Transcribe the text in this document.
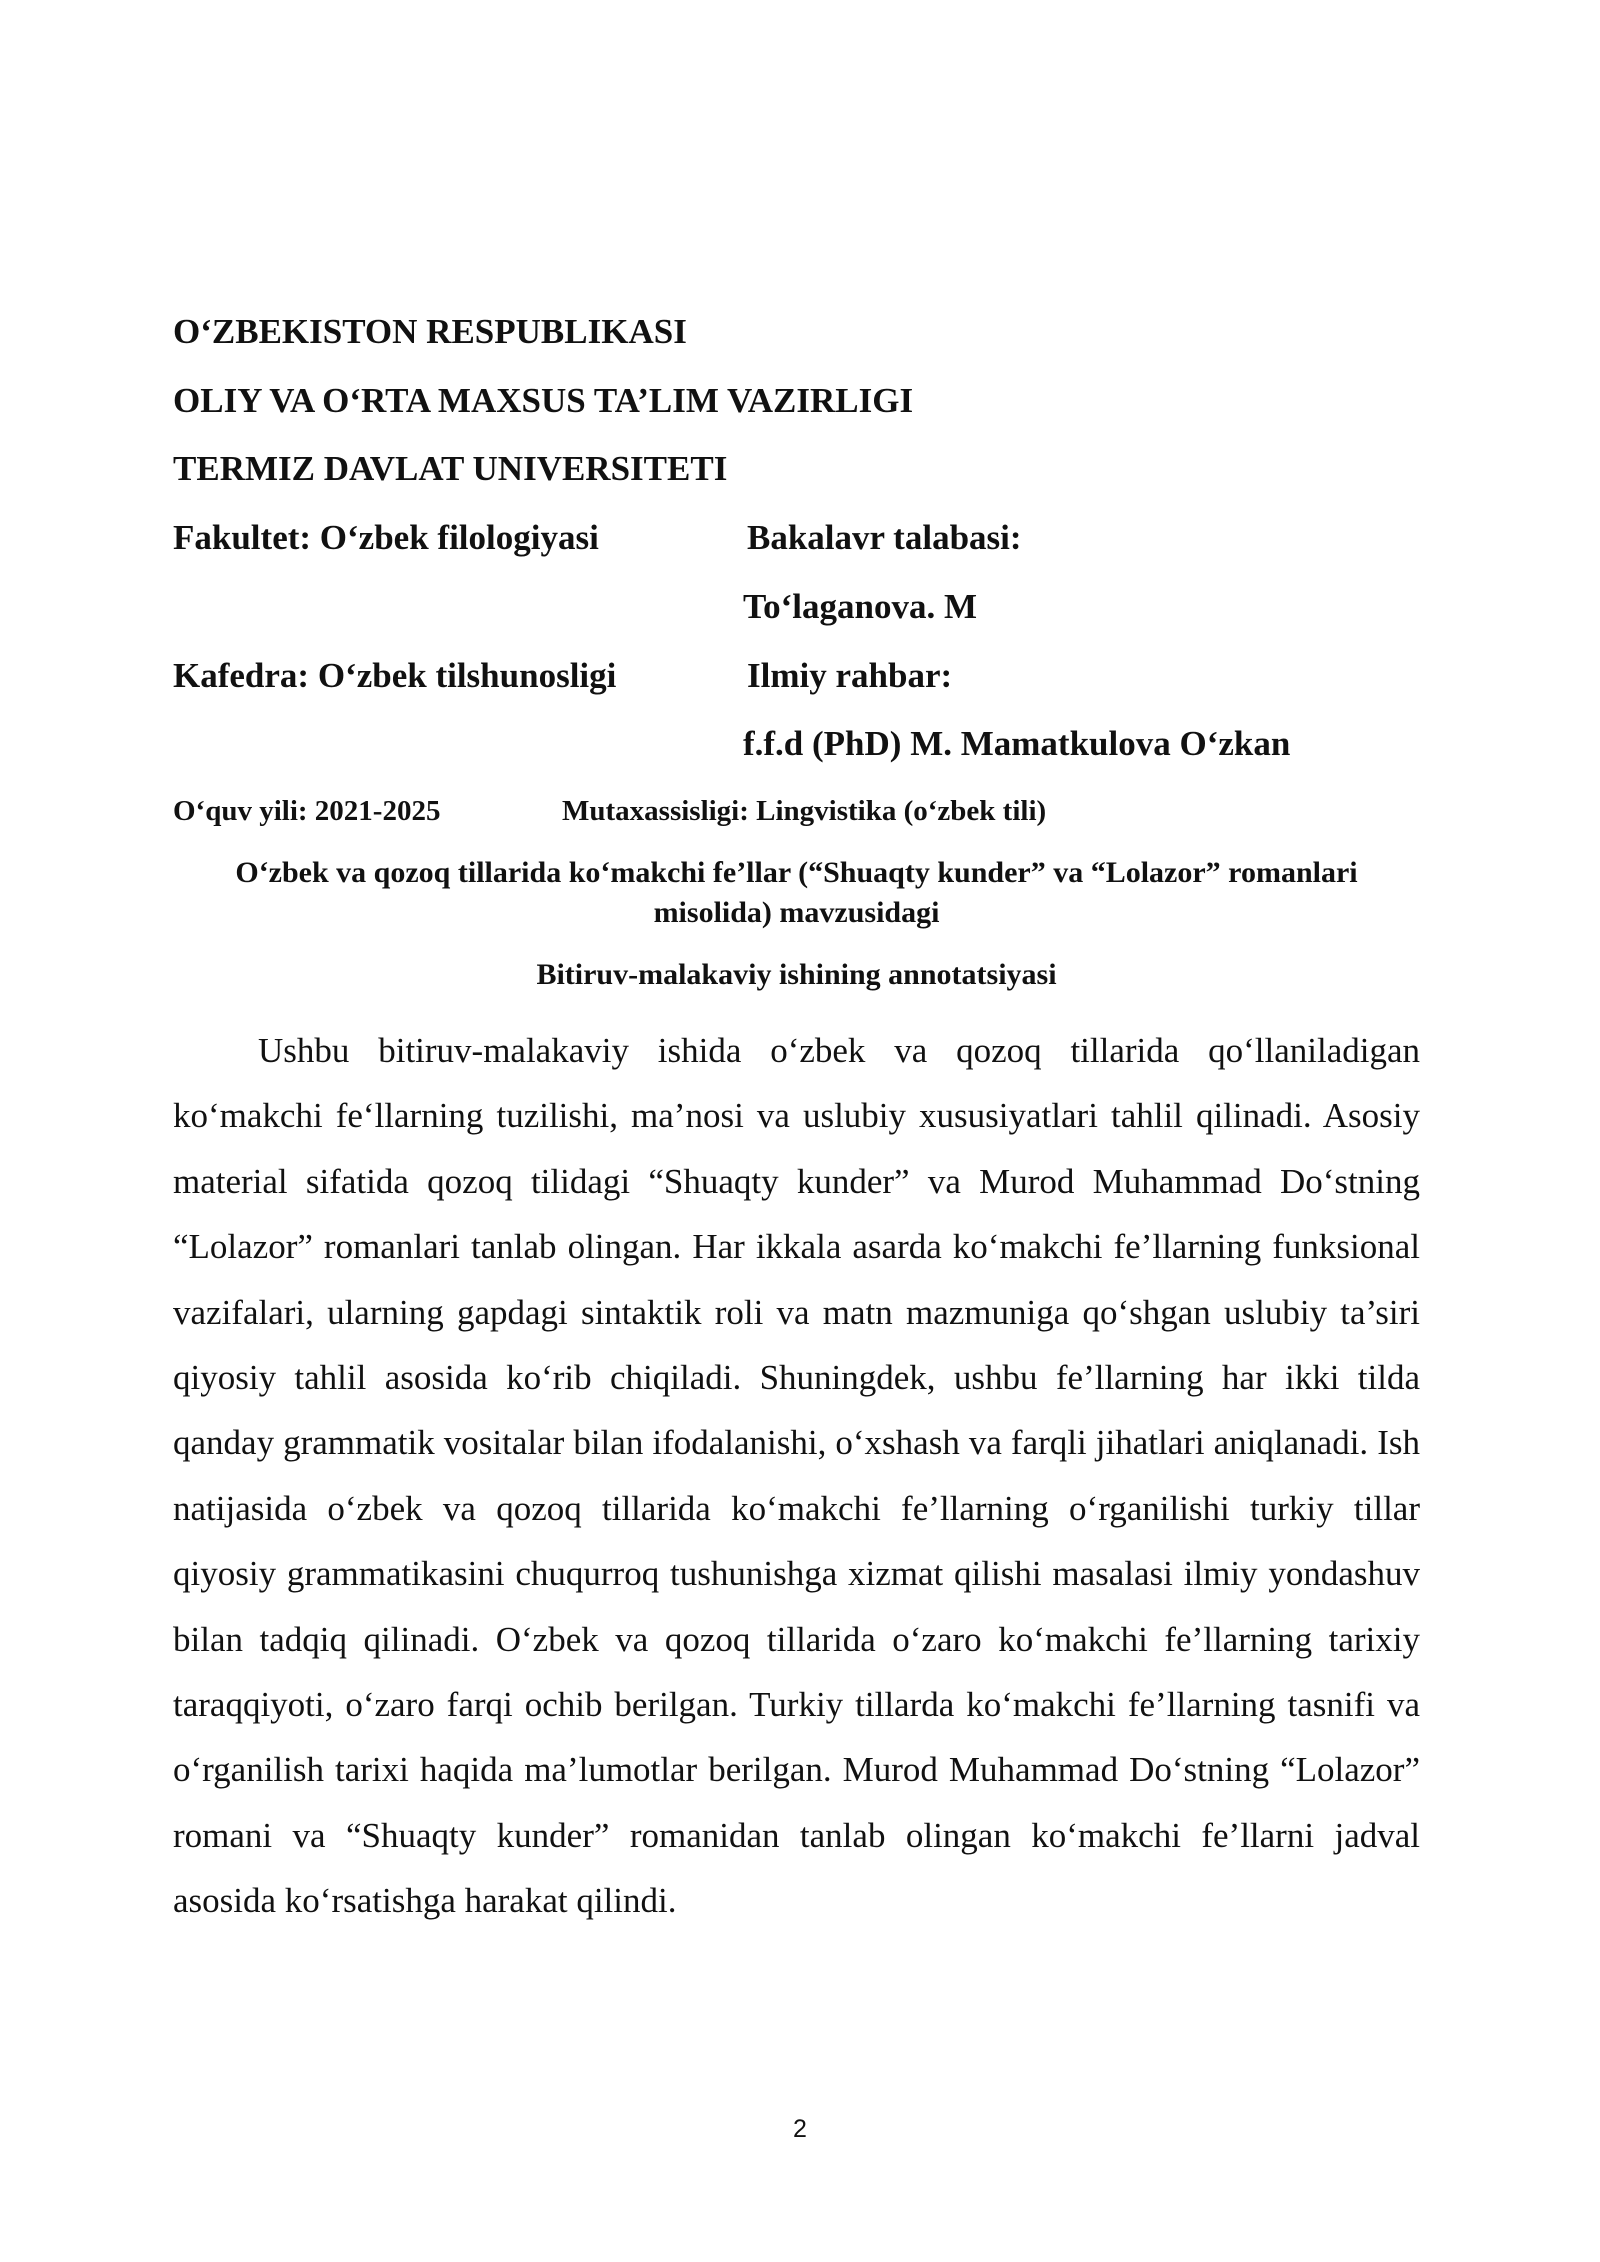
O‘ZBEKISTON RESPUBLIKASI
OLIY VA O‘RTA MAXSUS TA’LIM VAZIRLIGI
TERMIZ DAVLAT UNIVERSITETI
Fakultet: O‘zbek filologiyasi	Bakalavr talabasi:
To‘laganova. M
Kafedra: O‘zbek tilshunosligi	Ilmiy rahbar:
f.f.d (PhD) M. Mamatkulova O‘zkan
O‘quv yili: 2021-2025	Mutaxassisligi: Lingvistika (o‘zbek tili)
O‘zbek va qozoq tillarida ko‘makchi fe’llar (“Shuaqty kunder” va “Lolazor” romanlari misolida) mavzusidagi
Bitiruv-malakaviy ishining annotatsiyasi
Ushbu bitiruv-malakaviy ishida o‘zbek va qozoq tillarida qo‘llaniladigan ko‘makchi fe‘llarning tuzilishi, ma’nosi va uslubiy xususiyatlari tahlil qilinadi. Asosiy material sifatida qozoq tilidagi “Shuaqty kunder” va Murod Muhammad Do‘stning “Lolazor” romanlari tanlab olingan. Har ikkala asarda ko‘makchi fe’llarning funksional vazifalari, ularning gapdagi sintaktik roli va matn mazmuniga qo‘shgan uslubiy ta’siri qiyosiy tahlil asosida ko‘rib chiqiladi. Shuningdek, ushbu fe’llarning har ikki tilda qanday grammatik vositalar bilan ifodalanishi, o‘xshash va farqli jihatlari aniqlanadi. Ish natijasida o‘zbek va qozoq tillarida ko‘makchi fe’llarning o‘rganilishi turkiy tillar qiyosiy grammatikasini chuqurroq tushunishga xizmat qilishi masalasi ilmiy yondashuv bilan tadqiq qilinadi. O‘zbek va qozoq tillarida o‘zaro ko‘makchi fe’llarning tarixiy taraqqiyoti, o‘zaro farqi ochib berilgan. Turkiy tillarda ko‘makchi fe’llarning tasnifi va o‘rganilish tarixi haqida ma’lumotlar berilgan. Murod Muhammad Do‘stning “Lolazor” romani va “Shuaqty kunder” romanidan tanlab olingan ko‘makchi fe’llarni jadval asosida ko‘rsatishga harakat qilindi.
2
